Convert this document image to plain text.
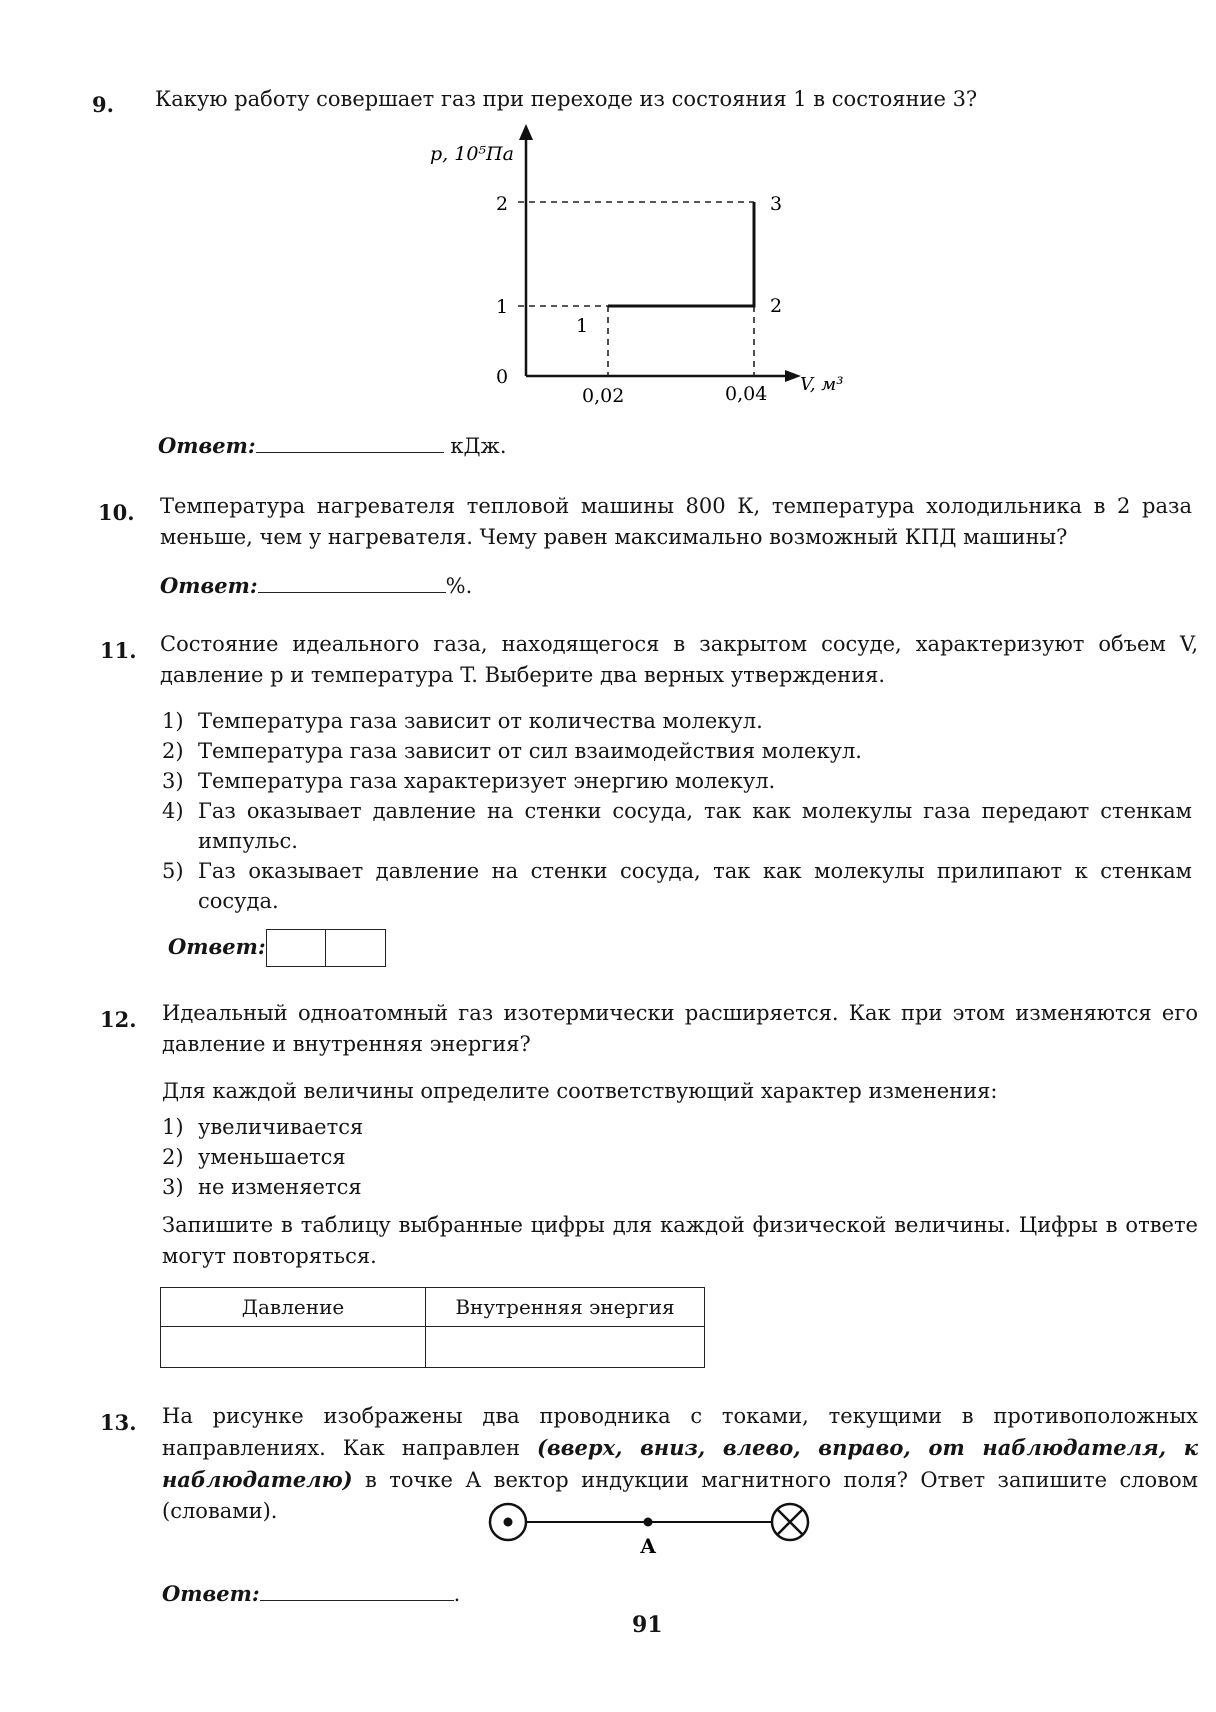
9. Какую работу совершает газ при переходе из состояния 1 в состояние 3?
p, 10⁵Па
2
1
0
0,02	0,04 V, м³
1
2
3
Ответ:	кДж.
10. Температура нагревателя тепловой машины 800 К, температура холодильника в 2 раза меньше, чем у нагревателя. Чему равен максимально возможный КПД машины?
Ответ:	%.
11. Состояние идеального газа, находящегося в закрытом сосуде, характеризуют объем V, давление p и температура T. Выберите два верных утверждения.
1) Температура газа зависит от количества молекул.
2) Температура газа зависит от сил взаимодействия молекул.
3) Температура газа характеризует энергию молекул.
4) Газ оказывает давление на стенки сосуда, так как молекулы газа передают стенкам импульс.
5) Газ оказывает давление на стенки сосуда, так как молекулы прилипают к стенкам сосуда.
Ответ:
12. Идеальный одноатомный газ изотермически расширяется. Как при этом изменяются его давление и внутренняя энергия?
Для каждой величины определите соответствующий характер изменения:
1) увеличивается
2) уменьшается
3) не изменяется
Запишите в таблицу выбранные цифры для каждой физической величины. Цифры в ответе могут повторяться.
Давление	Внутренняя энергия

13. На рисунке изображены два проводника с токами, текущими в противоположных направлениях. Как направлен (вверх, вниз, влево, вправо, от наблюдателя, к наблюдателю) в точке А вектор индукции магнитного поля? Ответ запишите словом (словами).
А
Ответ:	.
91
